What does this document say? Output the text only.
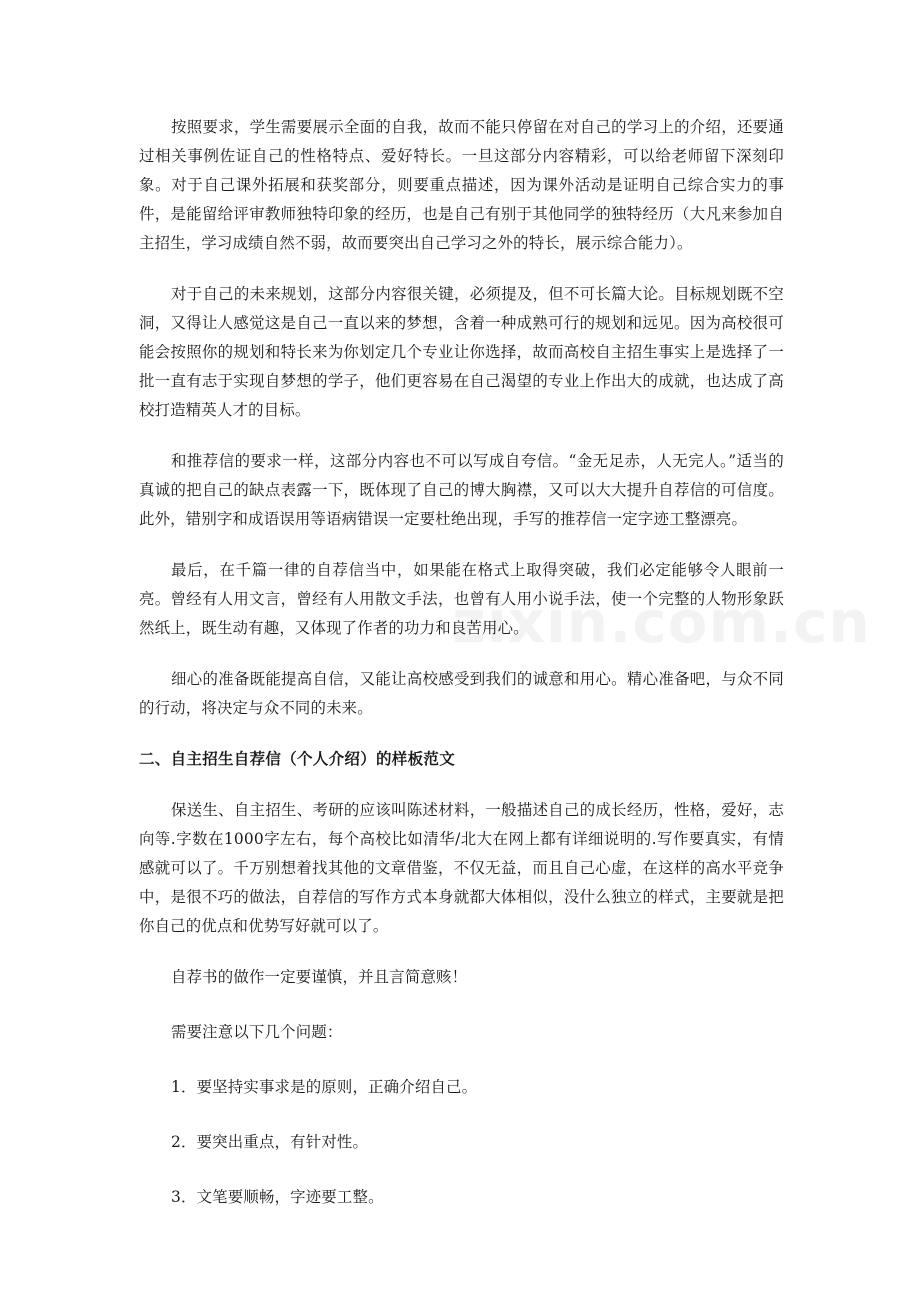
按照要求，学生需要展示全面的自我，故而不能只停留在对自己的学习上的介绍，还要通过相关事例佐证自己的性格特点、爱好特长。一旦这部分内容精彩，可以给老师留下深刻印象。对于自己课外拓展和获奖部分，则要重点描述，因为课外活动是证明自己综合实力的事件，是能留给评审教师独特印象的经历，也是自己有别于其他同学的独特经历（大凡来参加自主招生，学习成绩自然不弱，故而要突出自己学习之外的特长，展示综合能力）。

对于自己的未来规划，这部分内容很关键，必须提及，但不可长篇大论。目标规划既不空洞，又得让人感觉这是自己一直以来的梦想，含着一种成熟可行的规划和远见。因为高校很可能会按照你的规划和特长来为你划定几个专业让你选择，故而高校自主招生事实上是选择了一批一直有志于实现自梦想的学子，他们更容易在自己渴望的专业上作出大的成就，也达成了高校打造精英人才的目标。

和推荐信的要求一样，这部分内容也不可以写成自夸信。“金无足赤，人无完人。”适当的真诚的把自己的缺点表露一下，既体现了自己的博大胸襟，又可以大大提升自荐信的可信度。此外，错别字和成语误用等语病错误一定要杜绝出现，手写的推荐信一定字迹工整漂亮。

最后，在千篇一律的自荐信当中，如果能在格式上取得突破，我们必定能够令人眼前一亮。曾经有人用文言，曾经有人用散文手法，也曾有人用小说手法，使一个完整的人物形象跃然纸上，既生动有趣，又体现了作者的功力和良苦用心。

细心的准备既能提高自信，又能让高校感受到我们的诚意和用心。精心准备吧，与众不同的行动，将决定与众不同的未来。

二、自主招生自荐信（个人介绍）的样板范文

保送生、自主招生、考研的应该叫陈述材料，一般描述自己的成长经历，性格，爱好，志向等.字数在1000字左右，每个高校比如清华/北大在网上都有详细说明的.写作要真实，有情感就可以了。千万别想着找其他的文章借鉴，不仅无益，而且自己心虚，在这样的高水平竞争中，是很不巧的做法，自荐信的写作方式本身就都大体相似，没什么独立的样式，主要就是把你自己的优点和优势写好就可以了。

自荐书的做作一定要谨慎，并且言简意赅！

需要注意以下几个问题：

1．要坚持实事求是的原则，正确介绍自己。

2．要突出重点，有针对性。

3．文笔要顺畅，字迹要工整。
